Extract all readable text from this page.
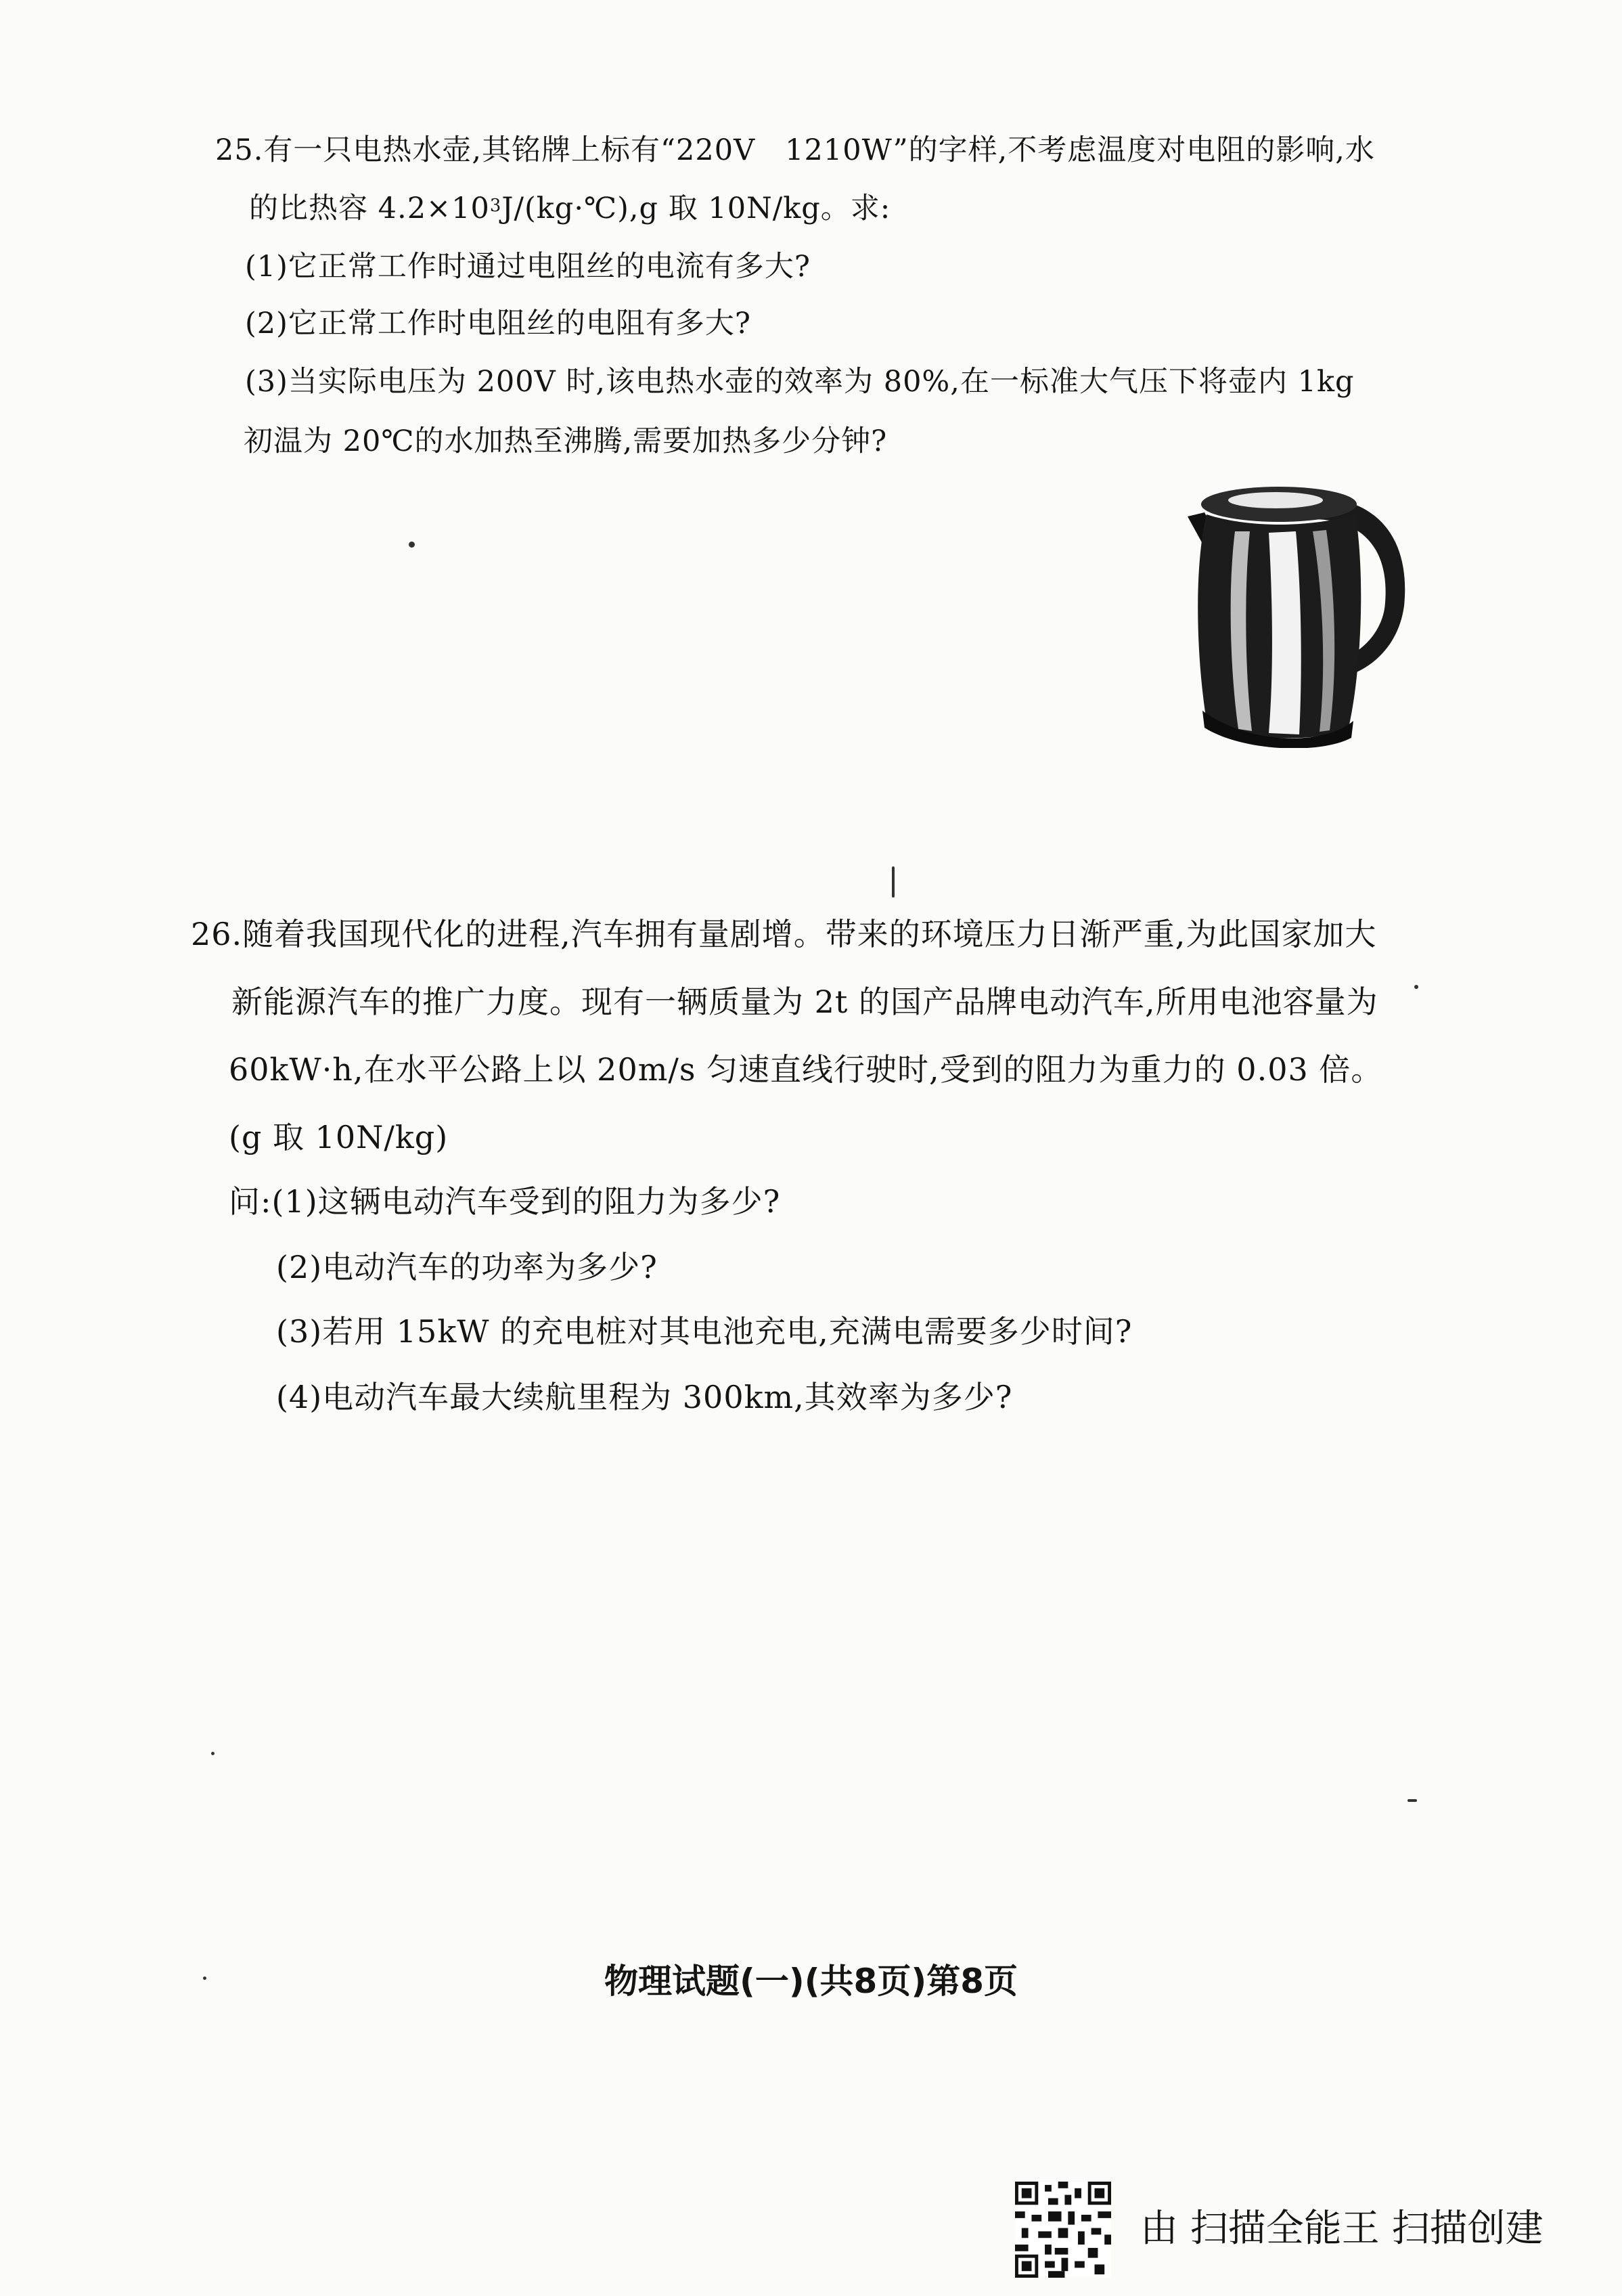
25.有一只电热水壶,其铭牌上标有“220V　1210W”的字样,不考虑温度对电阻的影响,水
的比热容 $4.2\times 10^3J/(kg\cdot℃),g$ 取 10N/kg。求:
(1)它正常工作时通过电阻丝的电流有多大?
(2)它正常工作时电阻丝的电阻有多大?
(3)当实际电压为 200V 时,该电热水壶的效率为 80%,在一标准大气压下将壶内 1kg
初温为 20℃的水加热至沸腾,需要加热多少分钟?
26.随着我国现代化的进程,汽车拥有量剧增。带来的环境压力日渐严重,为此国家加大
新能源汽车的推广力度。现有一辆质量为 2t 的国产品牌电动汽车,所用电池容量为
60kW·h,在水平公路上以 20m/s 匀速直线行驶时,受到的阻力为重力的 0.03 倍。
(g 取 10N/kg)
问:(1)这辆电动汽车受到的阻力为多少?
(2)电动汽车的功率为多少?
(3)若用 15kW 的充电桩对其电池充电,充满电需要多少时间?
(4)电动汽车最大续航里程为 300km,其效率为多少?
物理试题(一)(共8页)第8页
由 扫描全能王 扫描创建
